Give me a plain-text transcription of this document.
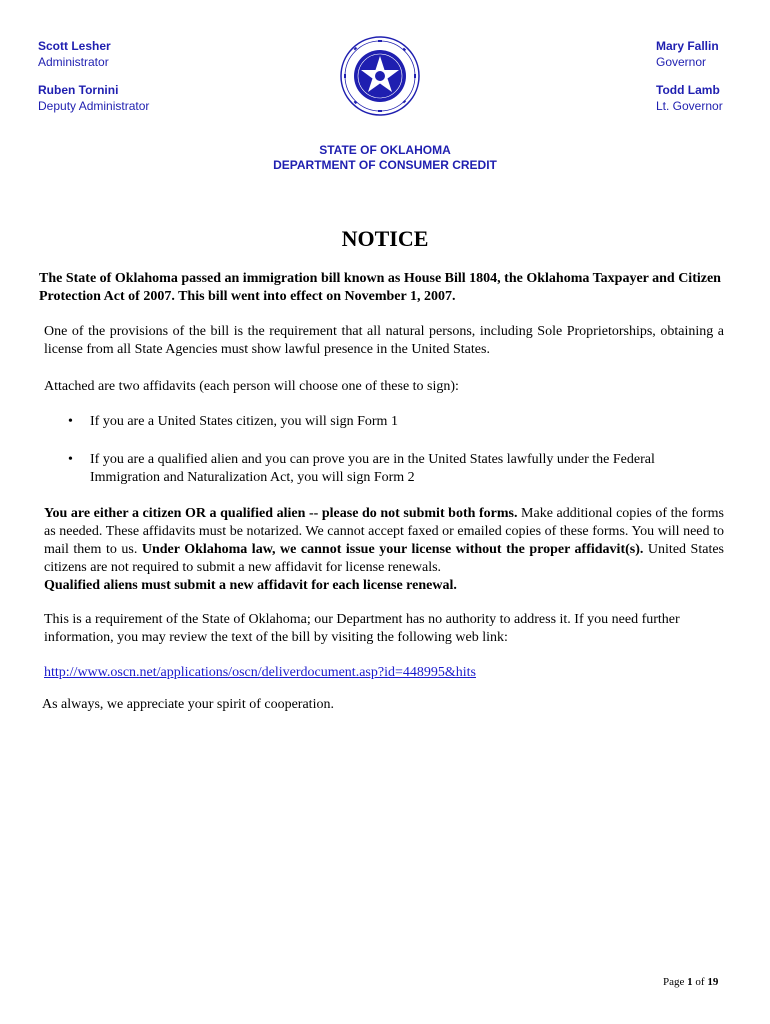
Scott Lesher
Administrator
Ruben Tornini
Deputy Administrator
Mary Fallin
Governor
Todd Lamb
Lt. Governor
STATE OF OKLAHOMA
DEPARTMENT OF CONSUMER CREDIT
NOTICE
The State of Oklahoma passed an immigration bill known as House Bill 1804, the Oklahoma Taxpayer and Citizen Protection Act of 2007. This bill went into effect on November 1, 2007.
One of the provisions of the bill is the requirement that all natural persons, including Sole Proprietorships, obtaining a license from all State Agencies must show lawful presence in the United States.
Attached are two affidavits (each person will choose one of these to sign):
• If you are a United States citizen, you will sign Form 1
• If you are a qualified alien and you can prove you are in the United States lawfully under the Federal Immigration and Naturalization Act, you will sign Form 2
You are either a citizen OR a qualified alien -- please do not submit both forms. Make additional copies of the forms as needed. These affidavits must be notarized. We cannot accept faxed or emailed copies of these forms. You will need to mail them to us. Under Oklahoma law, we cannot issue your license without the proper affidavit(s). United States citizens are not required to submit a new affidavit for license renewals.
Qualified aliens must submit a new affidavit for each license renewal.
This is a requirement of the State of Oklahoma; our Department has no authority to address it. If you need further information, you may review the text of the bill by visiting the following web link:
http://www.oscn.net/applications/oscn/deliverdocument.asp?id=448995&hits
As always, we appreciate your spirit of cooperation.
Page 1 of 19
